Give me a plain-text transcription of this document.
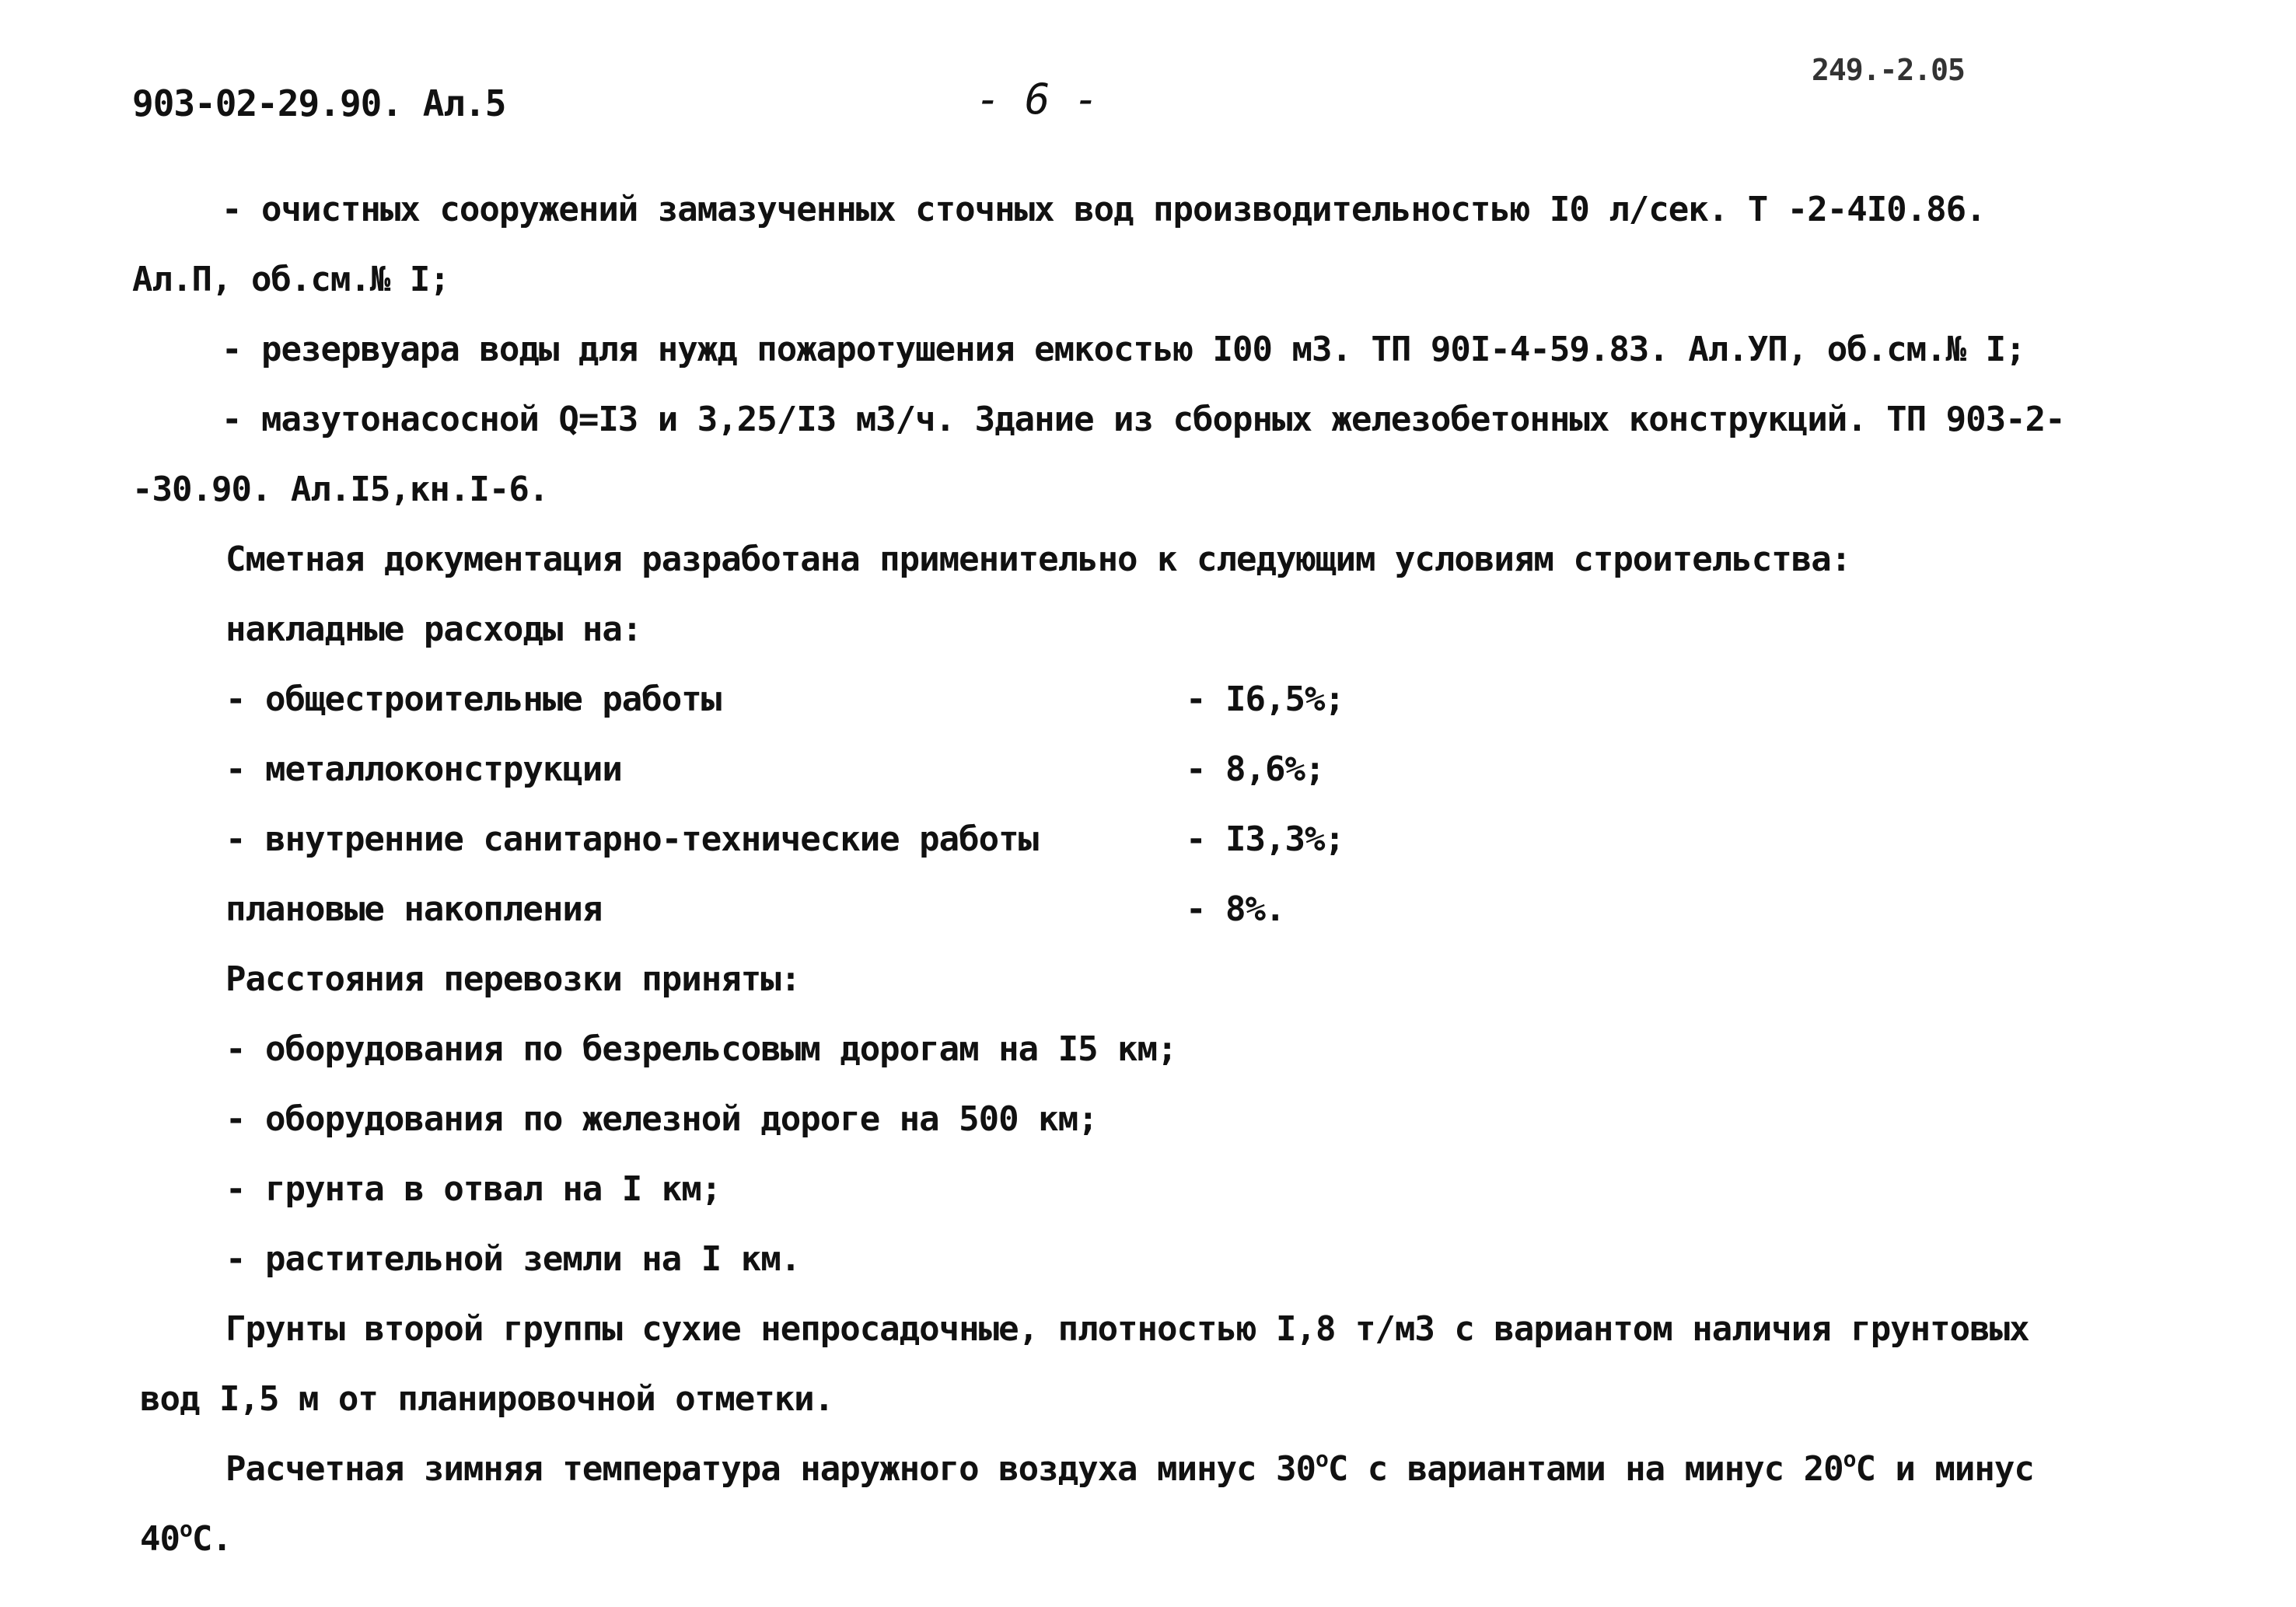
903-02-29.90. Ал.5	- 6 -
249.-2.05
- очистных сооружений замазученных сточных вод производительностью I0 л/сек. Т -2-4I0.86.
Ал.П, об.см.№ I;
- резервуара воды для нужд пожаротушения емкостью I00 м3. ТП 90I-4-59.83. Ал.УП, об.см.№ I;
- мазутонасосной Q=I3 и 3,25/I3 м3/ч. Здание из сборных железобетонных конструкций. ТП 903-2-
-30.90. Ал.I5,кн.I-6.
Сметная документация разработана применительно к следующим условиям строительства:
накладные расходы на:
- общестроительные работы	- I6,5%;
- металлоконструкции	- 8,6%;
- внутренние санитарно-технические работы	- I3,3%;
плановые накопления	- 8%.
Расстояния перевозки приняты:
- оборудования по безрельсовым дорогам на I5 км;
- оборудования по железной дороге на 500 км;
- грунта в отвал на I км;
- растительной земли на I км.
Грунты второй группы сухие непросадочные, плотностью I,8 т/м3 с вариантом наличия грунтовых
вод I,5 м от планировочной отметки.
Расчетная зимняя температура наружного воздуха минус $30^оС$ с вариантами на минус $20^оС$ и минус
$40^оС$.
